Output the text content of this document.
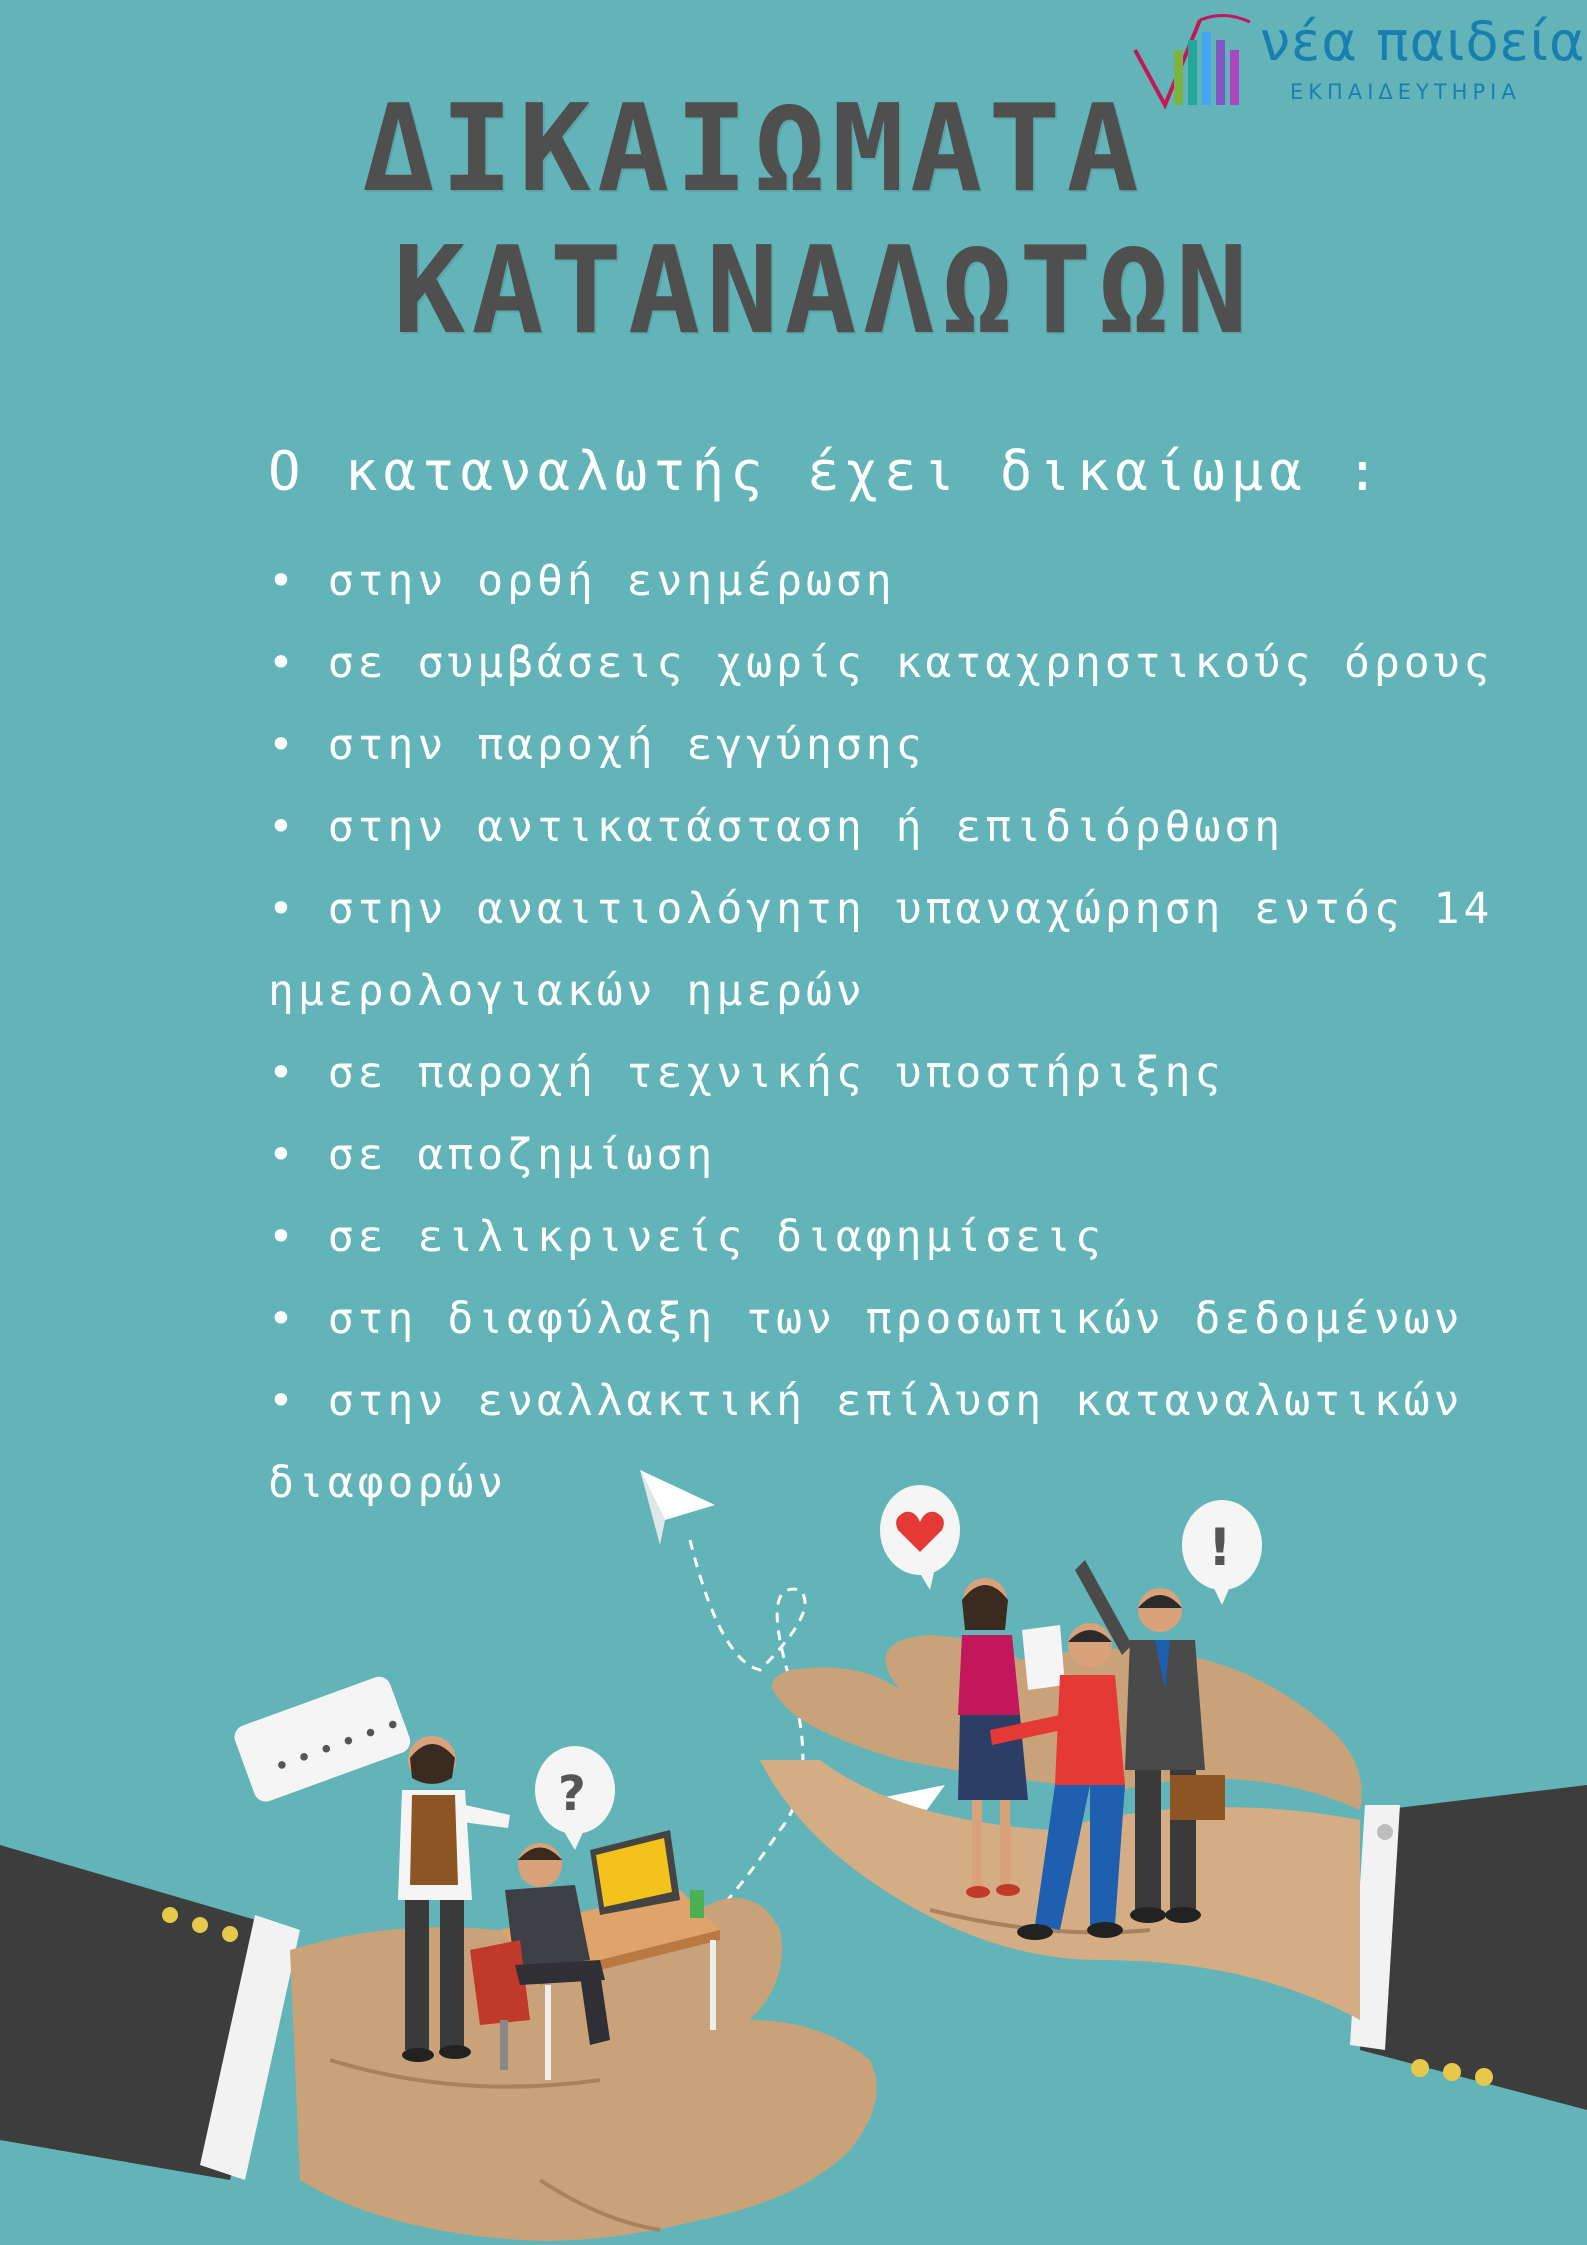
νέα παιδεία
ΕΚΠΑΙΔΕΥΤΗΡΙΑ
ΔΙΚΑΙΩΜΑΤΑ
ΚΑΤΑΝΑΛΩΤΩΝ
Ο καταναλωτής έχει δικαίωμα :
• στην ορθή ενημέρωση
• σε συμβάσεις χωρίς καταχρηστικούς όρους
• στην παροχή εγγύησης
• στην αντικατάσταση ή επιδιόρθωση
• στην αναιτιολόγητη υπαναχώρηση εντός 14
ημερολογιακών ημερών
• σε παροχή τεχνικής υποστήριξης
• σε αποζημίωση
• σε ειλικρινείς διαφημίσεις
• στη διαφύλαξη των προσωπικών δεδομένων
• στην εναλλακτική επίλυση καταναλωτικών
διαφορών
• • • • • •
?
!
